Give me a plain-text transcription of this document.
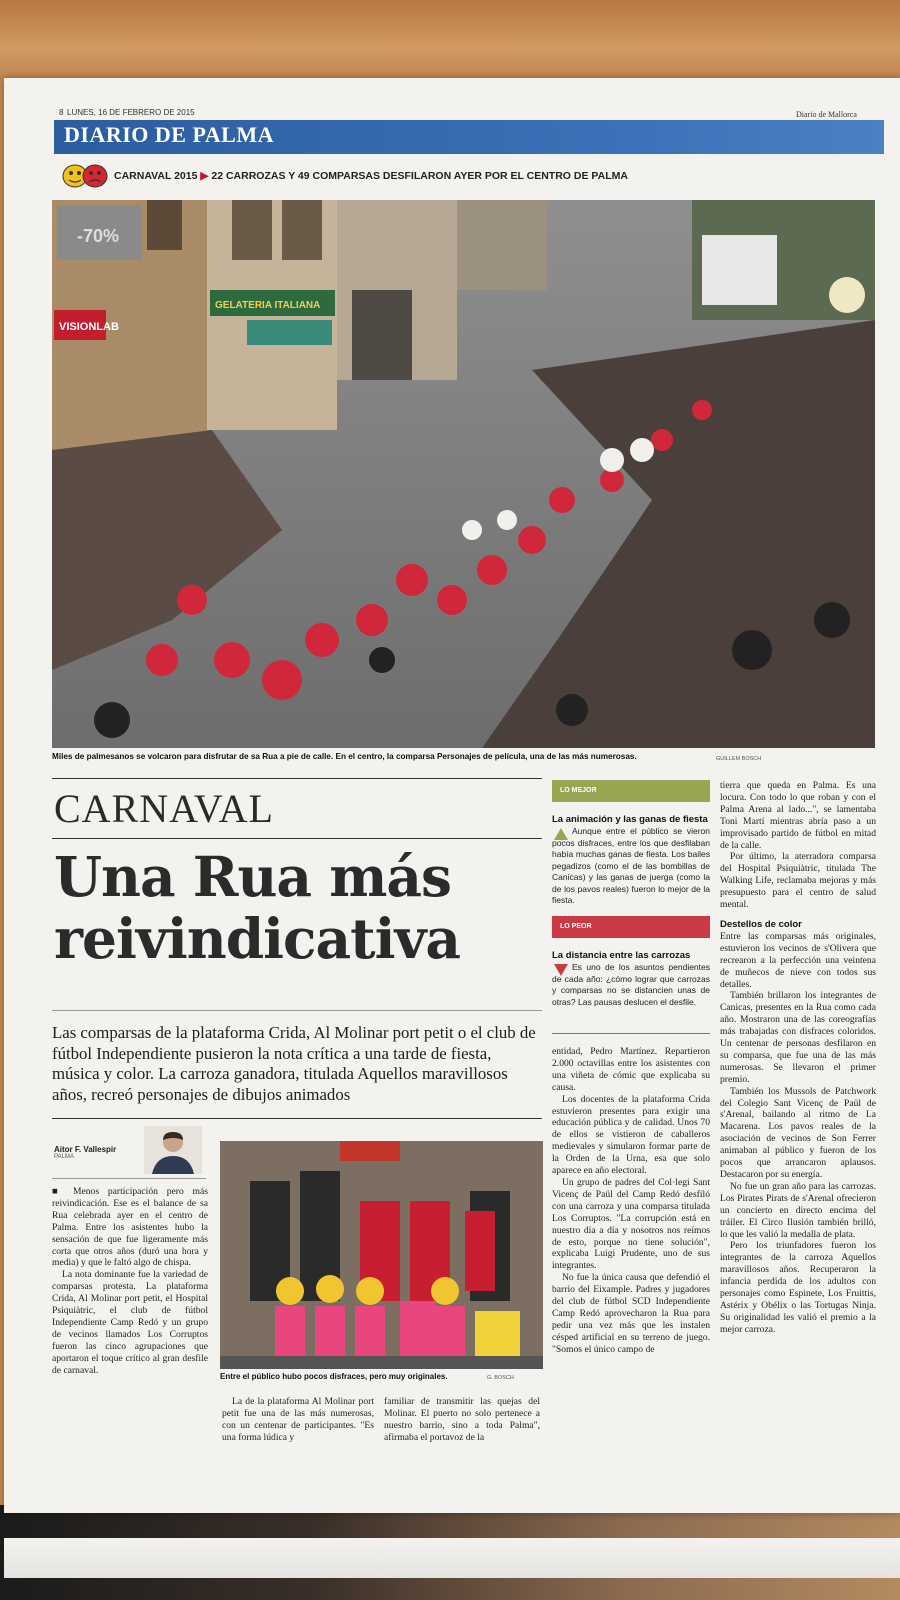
8 LUNES, 16 DE FEBRERO DE 2015	Diario de Mallorca
DIARIO DE PALMA
CARNAVAL 2015 ▶ 22 CARROZAS Y 49 COMPARSAS DESFILARON AYER POR EL CENTRO DE PALMA
VISIONLAB
GELATERIA ITALIANA
-70%
Miles de palmesanos se volcaron para disfrutar de sa Rua a pie de calle. En el centro, la comparsa Personajes de película, una de las más numerosas.	GUILLEM BOSCH
CARNAVAL
Una Rua más
reivindicativa
Las comparsas de la plataforma Crida, Al Molinar port petit o el club de fútbol Independiente pusieron la nota crítica a una tarde de fiesta, música y color. La carroza ganadora, titulada Aquellos maravillosos años, recreó personajes de dibujos animados
Aitor F. Vallespir
PALMA

■ Menos participación pero más reivindicación. Ese es el balance de sa Rua celebrada ayer en el centro de Palma. Entre los asistentes hubo la sensación de que fue ligeramente más corta que otros años (duró una hora y media) y que le faltó algo de chispa.

La nota dominante fue la variedad de comparsas protesta. La plataforma Crida, Al Molinar port petit, el Hospital Psiquiàtric, el club de fútbol Independiente Camp Redó y un grupo de vecinos llamados Los Corruptos fueron las cinco agrupaciones que aportaron el toque crítico al gran desfile de carnaval.

Entre el público hubo pocos disfraces, pero muy originales.	G. BOSCH

La de la plataforma Al Molinar port petit fue una de las más numerosas, con un centenar de participantes. "Es una forma lúdica y

familiar de transmitir las quejas del Molinar. El puerto no solo pertenece a nuestro barrio, sino a toda Palma", afirmaba el portavoz de la

LO MEJOR
La animación y las ganas de fiesta
Aunque entre el público se vieron pocos disfraces, entre los que desfilaban había muchas ganas de fiesta. Los bailes pegadizos (como el de las bombillas de Canicas) y las ganas de juerga (como la de los pavos reales) fueron lo mejor de la fiesta.
LO PEOR
La distancia entre las carrozas
Es uno de los asuntos pendientes de cada año: ¿cómo lograr que carrozas y comparsas no se distancien unas de otras? Las pausas deslucen el desfile.

entidad, Pedro Martínez. Repartieron 2.000 octavillas entre los asistentes con una viñeta de cómic que explicaba su causa.

Los docentes de la plataforma Crida estuvieron presentes para exigir una educación pública y de calidad. Unos 70 de ellos se vistieron de caballeros medievales y simularon formar parte de la Orden de la Urna, esa que solo aparece en año electoral.

Un grupo de padres del Col·legi Sant Vicenç de Paül del Camp Redó desfiló con una carroza y una comparsa titulada Los Corruptos. "La corrupción está en nuestro día a día y nosotros nos reímos de esto, porque no tiene solución", explicaba Luigi Prudente, uno de sus integrantes.

No fue la única causa que defendió el barrio del Eixample. Padres y jugadores del club de fútbol SCD Independiente Camp Redó aprovecharon la Rua para pedir una vez más que les instalen césped artificial en su terreno de juego. "Somos el único campo de

tierra que queda en Palma. Es una locura. Con todo lo que roban y con el Palma Arena al lado...", se lamentaba Toni Martí mientras abría paso a un improvisado partido de fútbol en mitad de la calle.

Por último, la aterradora comparsa del Hospital Psiquiàtric, titulada The Walking Life, reclamaba mejoras y más presupuesto para el centro de salud mental.

Destellos de color

Entre las comparsas más originales, estuvieron los vecinos de s'Olivera que recrearon a la perfección una veintena de muñecos de nieve con todos sus detalles.

También brillaron los integrantes de Canicas, presentes en la Rua como cada año. Mostraron una de las coreografías más trabajadas con disfraces coloridos. Un centenar de personas desfilaron en su comparsa, que fue una de las más numerosas. Se llevaron el primer premio.

También los Mussols de Patchwork del Colegio Sant Vicenç de Paül de s'Arenal, bailando al ritmo de La Macarena. Los pavos reales de la asociación de vecinos de Son Ferrer animaban al público y fueron de los pocos que arrancaron aplausos. Destacaron por su energía.

No fue un gran año para las carrozas. Los Pirates Pirats de s'Arenal ofrecieron un concierto en directo encima del tráiler. El Circo Ilusión también brilló, lo que les valió la medalla de plata.

Pero los triunfadores fueron los integrantes de la carroza Aquellos maravillosos años. Recuperaron la infancia perdida de los adultos con personajes como Espinete, Los Fruittis, Astérix y Obélix o las Tortugas Ninja. Su originalidad les valió el premio a la mejor carroza.
